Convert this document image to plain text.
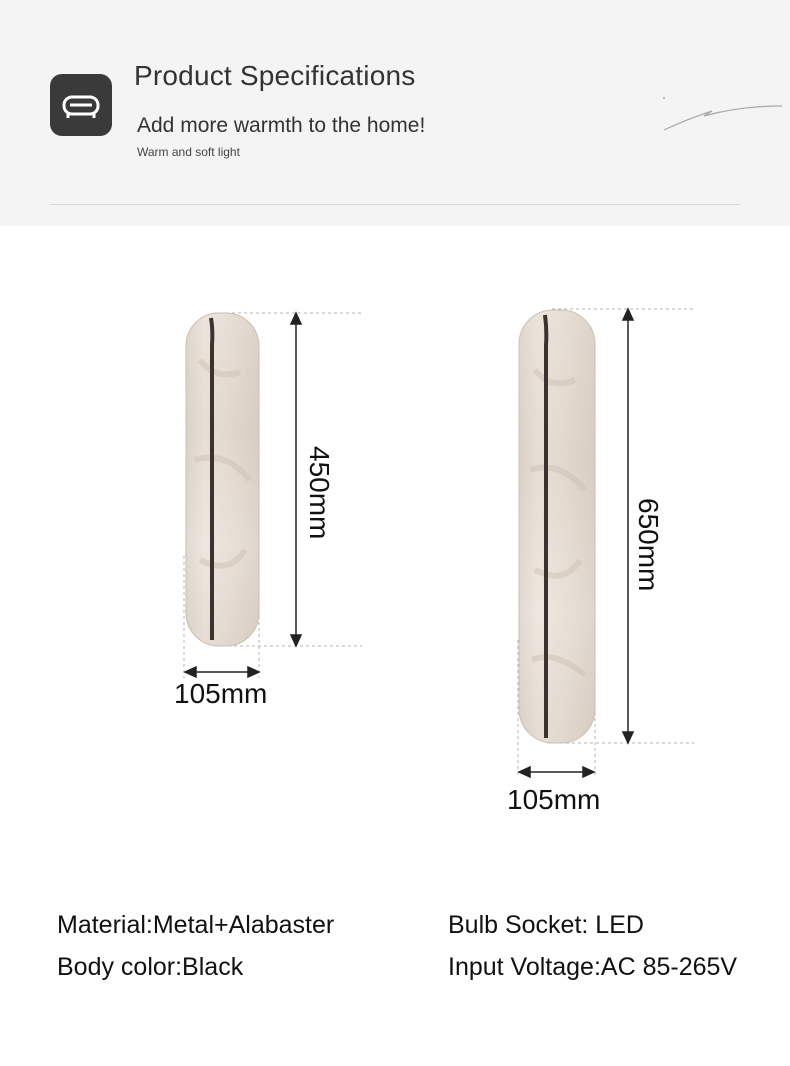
Product Specifications
Add more warmth to the home!
Warm and soft light
450mm
105mm
650mm
105mm
Material:Metal+Alabaster
Body color:Black
Bulb Socket: LED
Input Voltage:AC 85-265V
